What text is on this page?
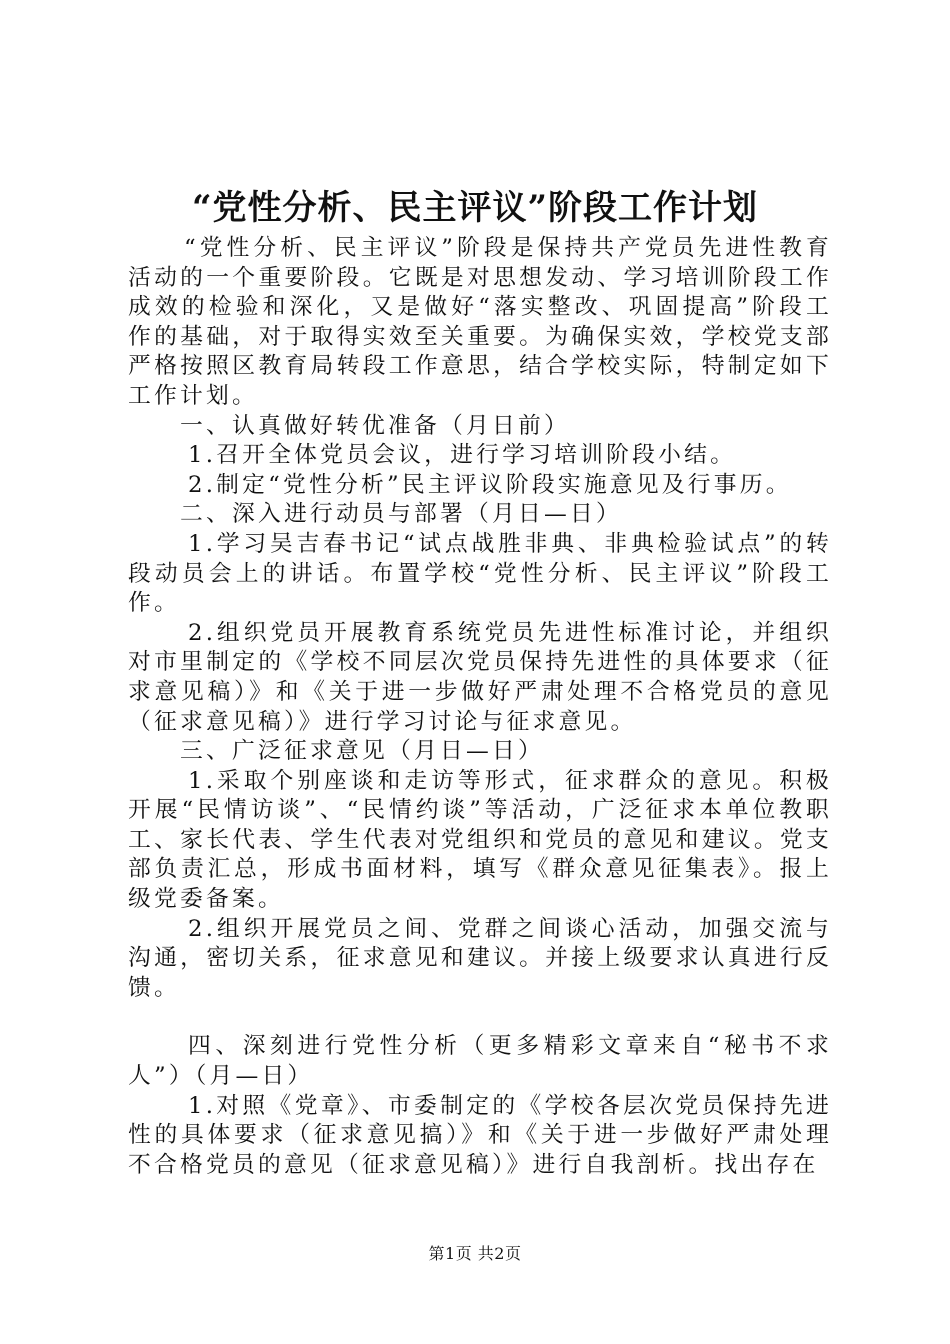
“党性分析、民主评议”阶段工作计划

“党性分析、民主评议”阶段是保持共产党员先进性教育活动的一个重要阶段。它既是对思想发动、学习培训阶段工作成效的检验和深化，又是做好“落实整改、巩固提高”阶段工作的基础，对于取得实效至关重要。为确保实效，学校党支部严格按照区教育局转段工作意思，结合学校实际，特制定如下工作计划。

一、认真做好转优准备（月日前）

1.召开全体党员会议，进行学习培训阶段小结。

2.制定“党性分析”民主评议阶段实施意见及行事历。

二、深入进行动员与部署（月日—日）

1.学习吴吉春书记“试点战胜非典、非典检验试点”的转段动员会上的讲话。布置学校“党性分析、民主评议”阶段工作。

2.组织党员开展教育系统党员先进性标准讨论，并组织对市里制定的《学校不同层次党员保持先进性的具体要求（征求意见稿）》和《关于进一步做好严肃处理不合格党员的意见（征求意见稿）》进行学习讨论与征求意见。

三、广泛征求意见（月日—日）

1.采取个别座谈和走访等形式，征求群众的意见。积极开展“民情访谈”、“民情约谈”等活动，广泛征求本单位教职工、家长代表、学生代表对党组织和党员的意见和建议。党支部负责汇总，形成书面材料，填写《群众意见征集表》。报上级党委备案。

2.组织开展党员之间、党群之间谈心活动，加强交流与沟通，密切关系，征求意见和建议。并接上级要求认真进行反馈。

四、深刻进行党性分析（更多精彩文章来自“秘书不求人”）（月—日）

1.对照《党章》、市委制定的《学校各层次党员保持先进性的具体要求（征求意见搞）》和《关于进一步做好严肃处理不合格党员的意见（征求意见稿）》进行自我剖析。找出存在

第1页 共2页
